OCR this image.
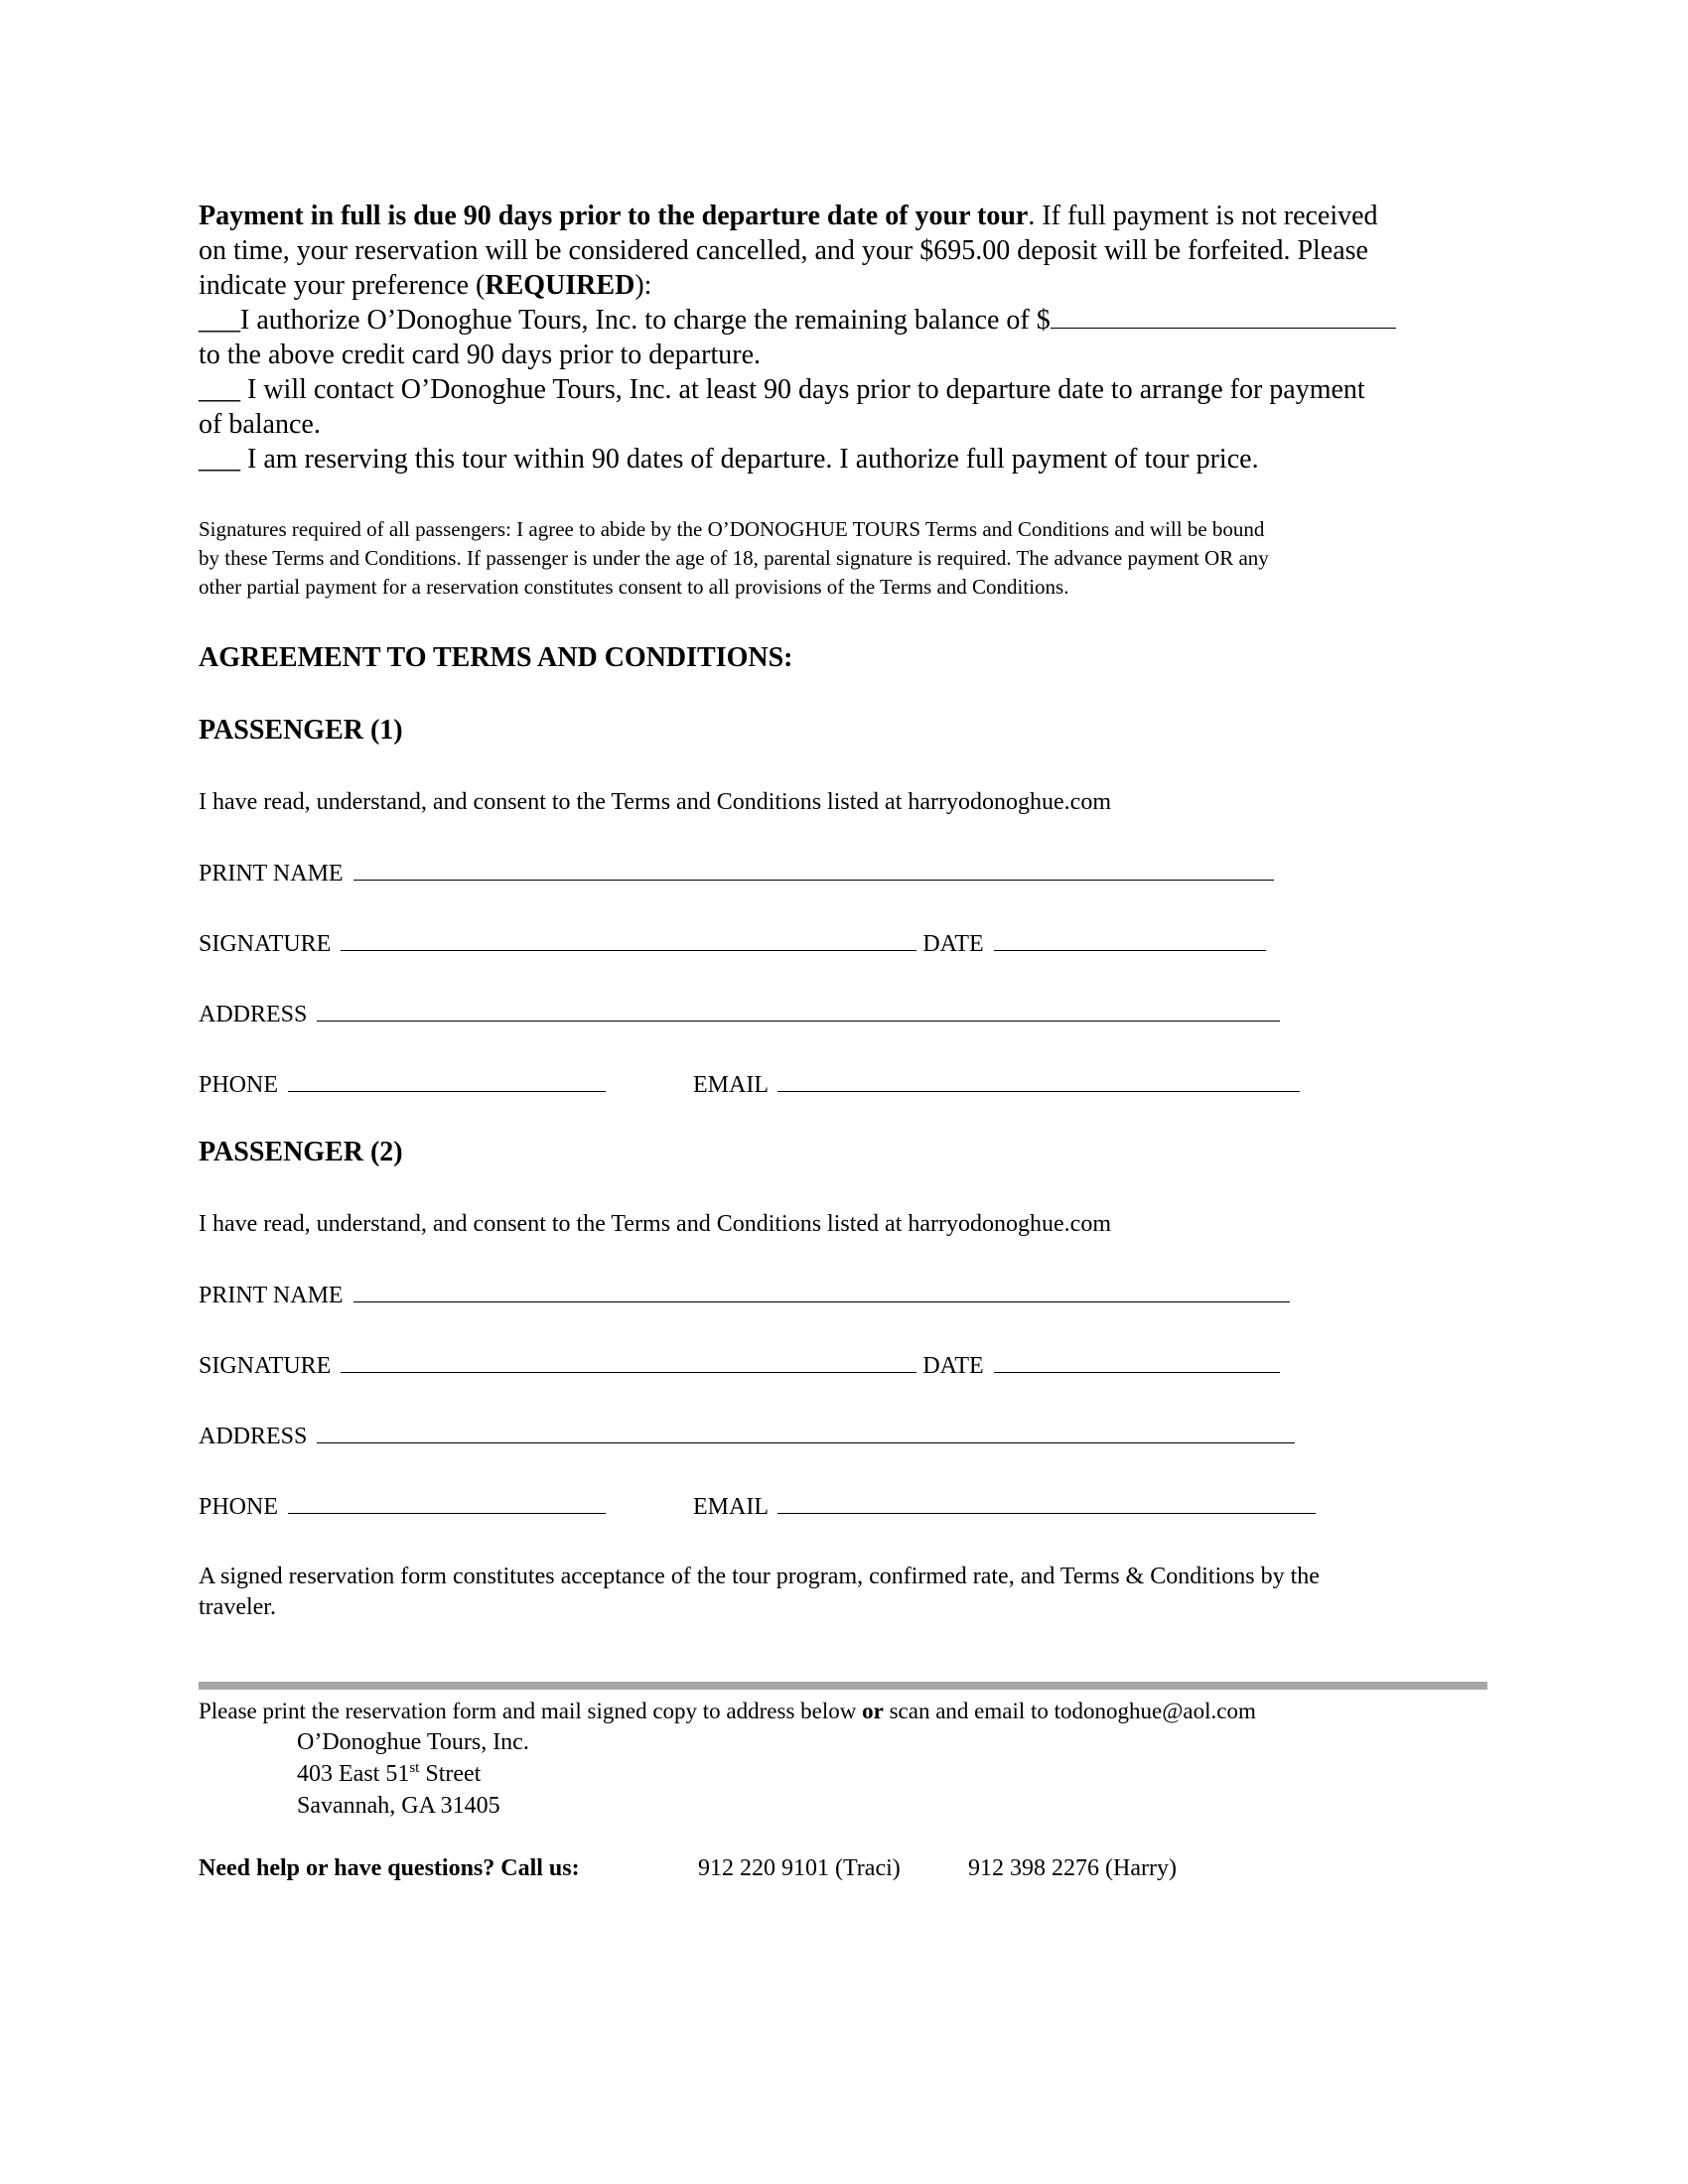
Payment in full is due 90 days prior to the departure date of your tour. If full payment is not received
on time, your reservation will be considered cancelled, and your $695.00 deposit will be forfeited. Please
indicate your preference (REQUIRED):
___I authorize O’Donoghue Tours, Inc. to charge the remaining balance of $
to the above credit card 90 days prior to departure.
___ I will contact O’Donoghue Tours, Inc. at least 90 days prior to departure date to arrange for payment
of balance.
___ I am reserving this tour within 90 dates of departure. I authorize full payment of tour price.
Signatures required of all passengers: I agree to abide by the O’DONOGHUE TOURS Terms and Conditions and will be bound
by these Terms and Conditions. If passenger is under the age of 18, parental signature is required. The advance payment OR any
other partial payment for a reservation constitutes consent to all provisions of the Terms and Conditions.
AGREEMENT TO TERMS AND CONDITIONS:
PASSENGER (1)
I have read, understand, and consent to the Terms and Conditions listed at harryodonoghue.com
PRINT NAME
SIGNATURE	DATE
ADDRESS
PHONE	EMAIL
PASSENGER (2)
I have read, understand, and consent to the Terms and Conditions listed at harryodonoghue.com
PRINT NAME
SIGNATURE	DATE
ADDRESS
PHONE	EMAIL
A signed reservation form constitutes acceptance of the tour program, confirmed rate, and Terms & Conditions by the
traveler.
Please print the reservation form and mail signed copy to address below or scan and email to todonoghue@aol.com
O’Donoghue Tours, Inc.
403 East 51st Street
Savannah, GA 31405
Need help or have questions? Call us:	912 220 9101 (Traci)	912 398 2276 (Harry)
